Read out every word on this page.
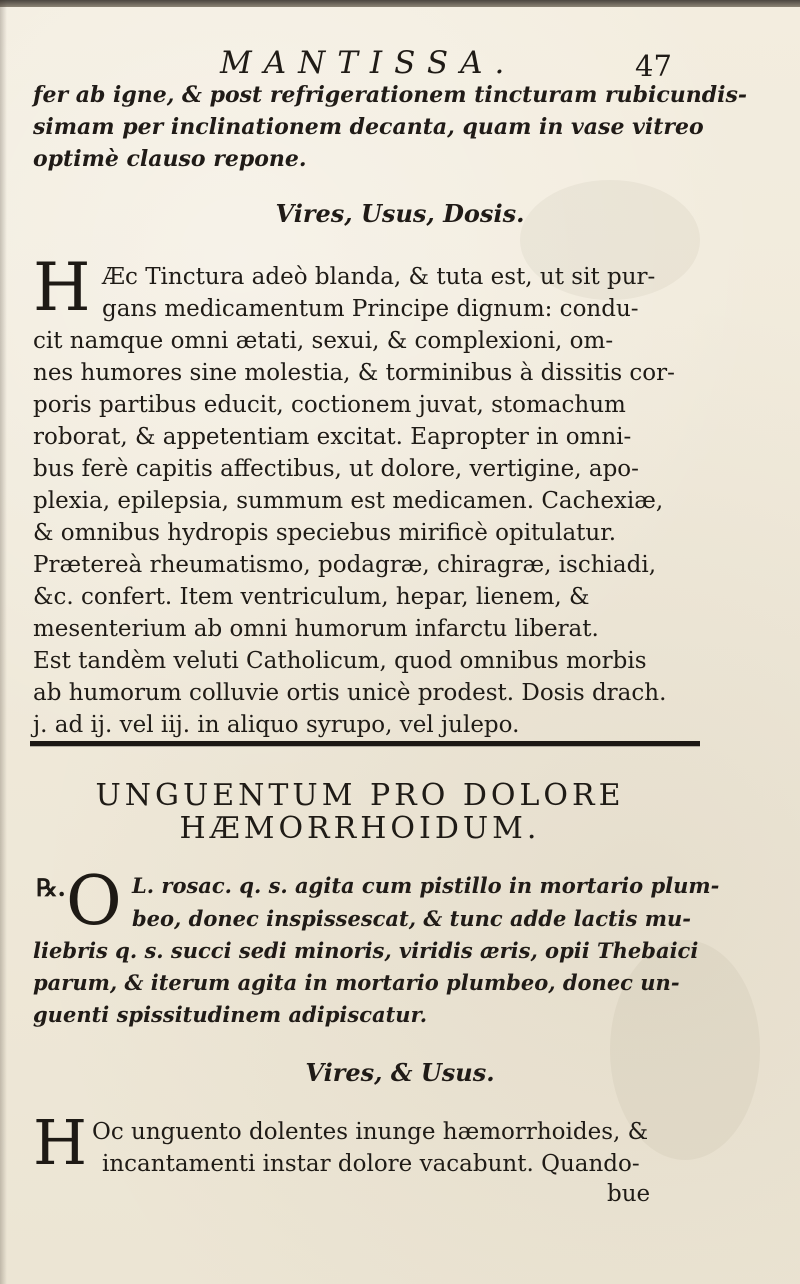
MANTISSA.	47
fer ab igne, & post refrigerationem tincturam rubicundis-
simam per inclinationem decanta, quam in vase vitreo
optimè clauso repone.
Vires, Usus, Dosis.
H Æc Tinctura adeò blanda, & tuta est, ut sit pur-
gans medicamentum Principe dignum: condu-
cit namque omni ætati, sexui, & complexioni, om-
nes humores sine molestia, & torminibus à dissitis cor-
poris partibus educit, coctionem juvat, stomachum
roborat, & appetentiam excitat. Eapropter in omni-
bus ferè capitis affectibus, ut dolore, vertigine, apo-
plexia, epilepsia, summum est medicamen. Cachexiæ,
& omnibus hydropis speciebus mirificè opitulatur.
Prætereà rheumatismo, podagræ, chiragræ, ischiadi,
&c. confert. Item ventriculum, hepar, lienem, &
mesenterium ab omni humorum infarctu liberat.
Est tandèm veluti Catholicum, quod omnibus morbis
ab humorum colluvie ortis unicè prodest. Dosis drach.
j. ad ij. vel iij. in aliquo syrupo, vel julepo.
UNGUENTUM PRO DOLORE
HÆMORRHOIDUM.
℞. O L. rosac. q. s. agita cum pistillo in mortario plum-
beo, donec inspissescat, & tunc adde lactis mu-
liebris q. s. succi sedi minoris, viridis æris, opii Thebaici
parum, & iterum agita in mortario plumbeo, donec un-
guenti spissitudinem adipiscatur.
Vires, & Usus.
H Oc unguento dolentes inunge hæmorrhoides, &
incantamenti instar dolore vacabunt. Quando-
bue
